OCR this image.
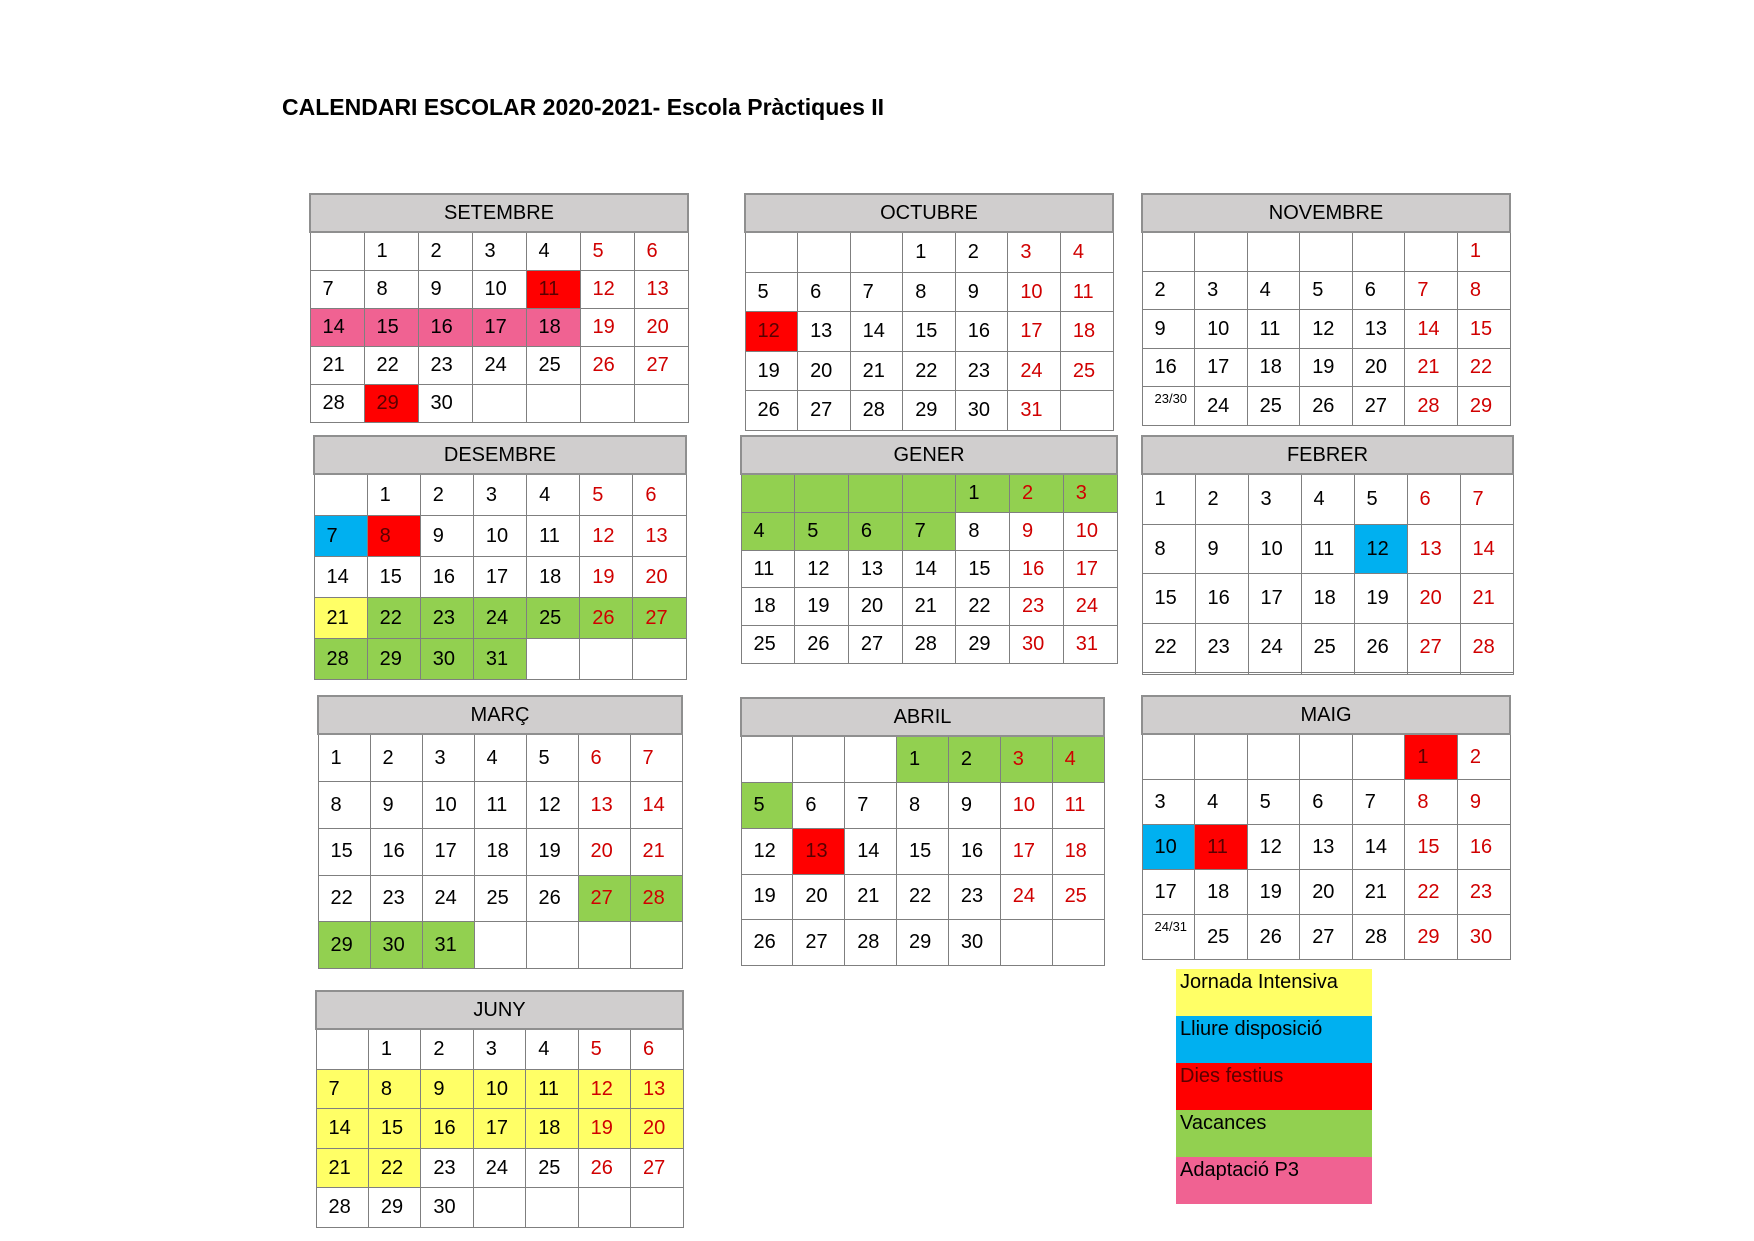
CALENDARI ESCOLAR 2020-2021- Escola Pràctiques II
SETEMBRE						
	1	2	3	4	5	6
7	8	9	10	11	12	13
14	15	16	17	18	19	20
21	22	23	24	25	26	27
28	29	30				
OCTUBRE						
			1	2	3	4
5	6	7	8	9	10	11
12	13	14	15	16	17	18
19	20	21	22	23	24	25
26	27	28	29	30	31	
NOVEMBRE						
						1
2	3	4	5	6	7	8
9	10	11	12	13	14	15
16	17	18	19	20	21	22
23/30	24	25	26	27	28	29
DESEMBRE						
	1	2	3	4	5	6
7	8	9	10	11	12	13
14	15	16	17	18	19	20
21	22	23	24	25	26	27
28	29	30	31			
GENER						
				1	2	3
4	5	6	7	8	9	10
11	12	13	14	15	16	17
18	19	20	21	22	23	24
25	26	27	28	29	30	31
FEBRER						
1	2	3	4	5	6	7
8	9	10	11	12	13	14
15	16	17	18	19	20	21
22	23	24	25	26	27	28

MARÇ						
1	2	3	4	5	6	7
8	9	10	11	12	13	14
15	16	17	18	19	20	21
22	23	24	25	26	27	28
29	30	31				
ABRIL						
			1	2	3	4
5	6	7	8	9	10	11
12	13	14	15	16	17	18
19	20	21	22	23	24	25
26	27	28	29	30		
MAIG						
					1	2
3	4	5	6	7	8	9
10	11	12	13	14	15	16
17	18	19	20	21	22	23
24/31	25	26	27	28	29	30
JUNY						
	1	2	3	4	5	6
7	8	9	10	11	12	13
14	15	16	17	18	19	20
21	22	23	24	25	26	27
28	29	30				
Jornada Intensiva
Lliure disposició
Dies festius
Vacances
Adaptació P3
